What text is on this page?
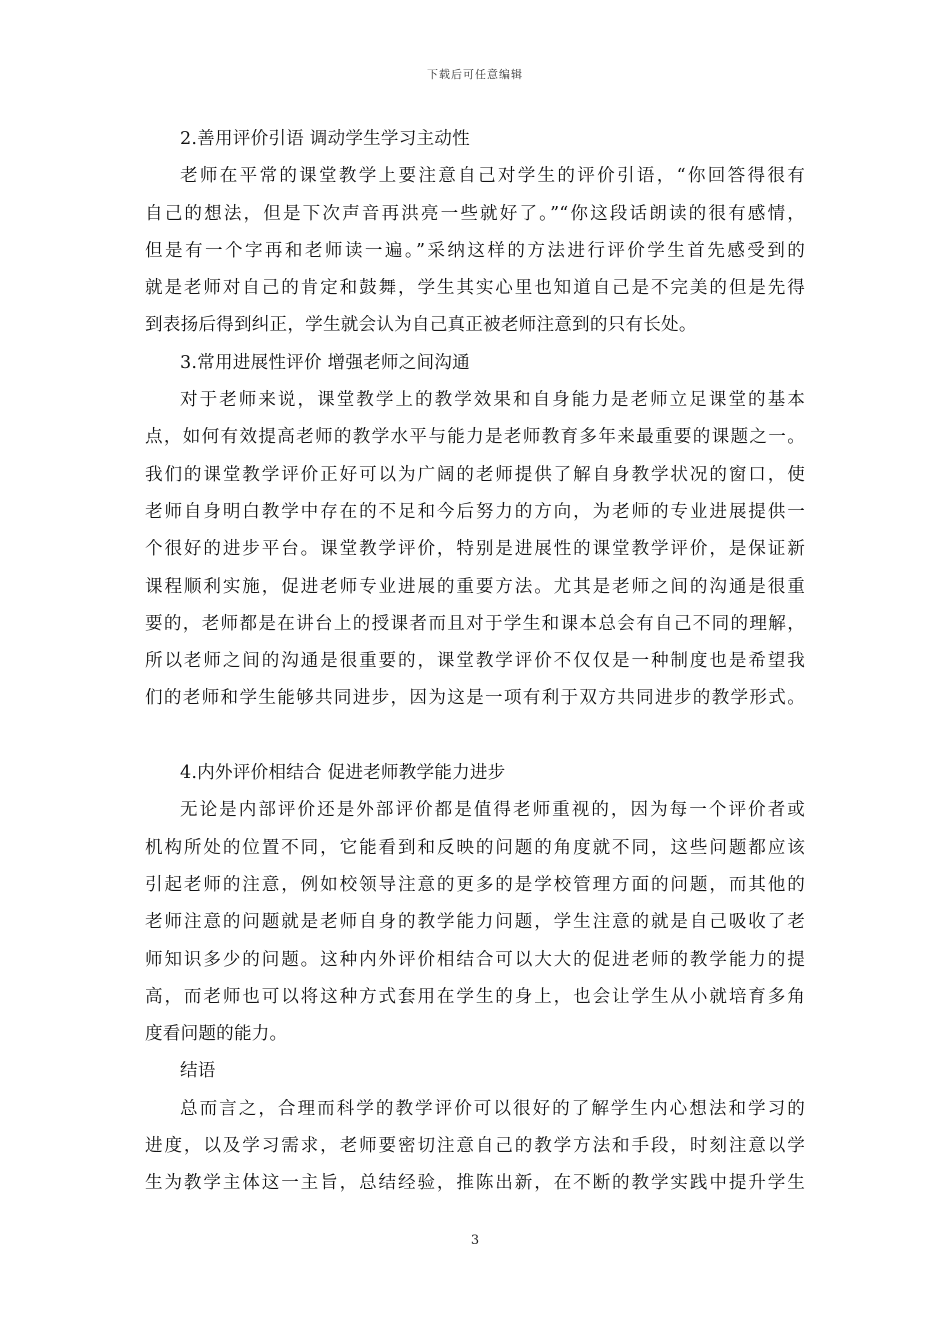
下载后可任意编辑
2.善用评价引语 调动学生学习主动性
老师在平常的课堂教学上要注意自己对学生的评价引语，“你回答得很有
自己的想法，但是下次声音再洪亮一些就好了。”“你这段话朗读的很有感情，
但是有一个字再和老师读一遍。”采纳这样的方法进行评价学生首先感受到的
就是老师对自己的肯定和鼓舞，学生其实心里也知道自己是不完美的但是先得
到表扬后得到纠正，学生就会认为自己真正被老师注意到的只有长处。
3.常用进展性评价 增强老师之间沟通
对于老师来说，课堂教学上的教学效果和自身能力是老师立足课堂的基本
点，如何有效提高老师的教学水平与能力是老师教育多年来最重要的课题之一。
我们的课堂教学评价正好可以为广阔的老师提供了解自身教学状况的窗口，使
老师自身明白教学中存在的不足和今后努力的方向，为老师的专业进展提供一
个很好的进步平台。课堂教学评价，特别是进展性的课堂教学评价，是保证新
课程顺利实施，促进老师专业进展的重要方法。尤其是老师之间的沟通是很重
要的，老师都是在讲台上的授课者而且对于学生和课本总会有自己不同的理解，
所以老师之间的沟通是很重要的，课堂教学评价不仅仅是一种制度也是希望我
们的老师和学生能够共同进步，因为这是一项有利于双方共同进步的教学形式。
4.内外评价相结合 促进老师教学能力进步
无论是内部评价还是外部评价都是值得老师重视的，因为每一个评价者或
机构所处的位置不同，它能看到和反映的问题的角度就不同，这些问题都应该
引起老师的注意，例如校领导注意的更多的是学校管理方面的问题，而其他的
老师注意的问题就是老师自身的教学能力问题，学生注意的就是自己吸收了老
师知识多少的问题。这种内外评价相结合可以大大的促进老师的教学能力的提
高，而老师也可以将这种方式套用在学生的身上，也会让学生从小就培育多角
度看问题的能力。
结语
总而言之，合理而科学的教学评价可以很好的了解学生内心想法和学习的
进度，以及学习需求，老师要密切注意自己的教学方法和手段，时刻注意以学
生为教学主体这一主旨，总结经验，推陈出新，在不断的教学实践中提升学生
3
